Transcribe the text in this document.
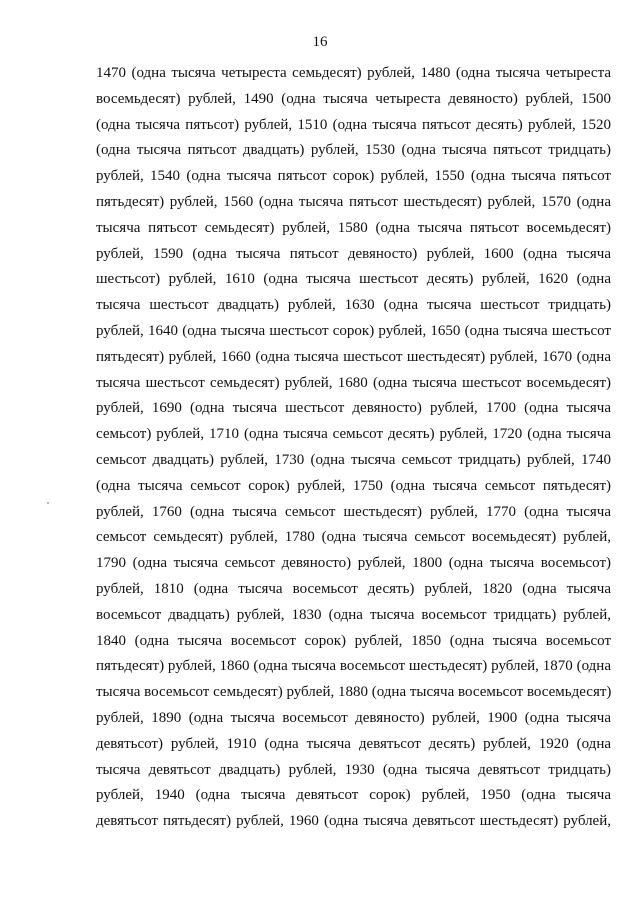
16
1470 (одна тысяча четыреста семьдесят) рублей, 1480 (одна тысяча четыреста
восемьдесят) рублей, 1490 (одна тысяча четыреста девяносто) рублей, 1500
(одна тысяча пятьсот) рублей, 1510 (одна тысяча пятьсот десять) рублей, 1520
(одна тысяча пятьсот двадцать) рублей, 1530 (одна тысяча пятьсот тридцать)
рублей, 1540 (одна тысяча пятьсот сорок) рублей, 1550 (одна тысяча пятьсот
пятьдесят) рублей, 1560 (одна тысяча пятьсот шестьдесят) рублей, 1570 (одна
тысяча пятьсот семьдесят) рублей, 1580 (одна тысяча пятьсот восемьдесят)
рублей, 1590 (одна тысяча пятьсот девяносто) рублей, 1600 (одна тысяча
шестьсот) рублей, 1610 (одна тысяча шестьсот десять) рублей, 1620 (одна
тысяча шестьсот двадцать) рублей, 1630 (одна тысяча шестьсот тридцать)
рублей, 1640 (одна тысяча шестьсот сорок) рублей, 1650 (одна тысяча шестьсот
пятьдесят) рублей, 1660 (одна тысяча шестьсот шестьдесят) рублей, 1670 (одна
тысяча шестьсот семьдесят) рублей, 1680 (одна тысяча шестьсот восемьдесят)
рублей, 1690 (одна тысяча шестьсот девяносто) рублей, 1700 (одна тысяча
семьсот) рублей, 1710 (одна тысяча семьсот десять) рублей, 1720 (одна тысяча
семьсот двадцать) рублей, 1730 (одна тысяча семьсот тридцать) рублей, 1740
(одна тысяча семьсот сорок) рублей, 1750 (одна тысяча семьсот пятьдесят)
рублей, 1760 (одна тысяча семьсот шестьдесят) рублей, 1770 (одна тысяча
семьсот семьдесят) рублей, 1780 (одна тысяча семьсот восемьдесят) рублей,
1790 (одна тысяча семьсот девяносто) рублей, 1800 (одна тысяча восемьсот)
рублей, 1810 (одна тысяча восемьсот десять) рублей, 1820 (одна тысяча
восемьсот двадцать) рублей, 1830 (одна тысяча восемьсот тридцать) рублей,
1840 (одна тысяча восемьсот сорок) рублей, 1850 (одна тысяча восемьсот
пятьдесят) рублей, 1860 (одна тысяча восемьсот шестьдесят) рублей, 1870 (одна
тысяча восемьсот семьдесят) рублей, 1880 (одна тысяча восемьсот восемьдесят)
рублей, 1890 (одна тысяча восемьсот девяносто) рублей, 1900 (одна тысяча
девятьсот) рублей, 1910 (одна тысяча девятьсот десять) рублей, 1920 (одна
тысяча девятьсот двадцать) рублей, 1930 (одна тысяча девятьсот тридцать)
рублей, 1940 (одна тысяча девятьсот сорок) рублей, 1950 (одна тысяча
девятьсот пятьдесят) рублей, 1960 (одна тысяча девятьсот шестьдесят) рублей,
